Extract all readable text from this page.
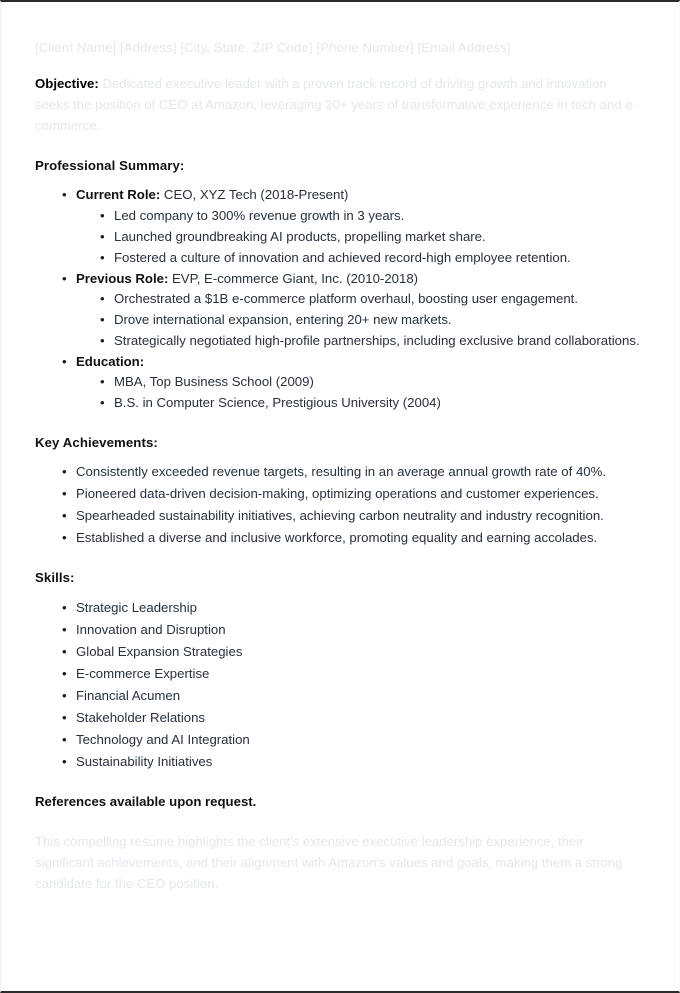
[Client Name] [Address] [City, State, ZIP Code] [Phone Number] [Email Address]

Objective: Dedicated executive leader with a proven track record of driving growth and innovation seeks the position of CEO at Amazon, leveraging 20+ years of transformative experience in tech and e-commerce.

Professional Summary:
• Current Role: CEO, XYZ Tech (2018-Present)
• Led company to 300% revenue growth in 3 years.
• Launched groundbreaking AI products, propelling market share.
• Fostered a culture of innovation and achieved record-high employee retention.
• Previous Role: EVP, E-commerce Giant, Inc. (2010-2018)
• Orchestrated a $1B e-commerce platform overhaul, boosting user engagement.
• Drove international expansion, entering 20+ new markets.
• Strategically negotiated high-profile partnerships, including exclusive brand collaborations.
• Education:
• MBA, Top Business School (2009)
• B.S. in Computer Science, Prestigious University (2004)
Key Achievements:
• Consistently exceeded revenue targets, resulting in an average annual growth rate of 40%.
• Pioneered data-driven decision-making, optimizing operations and customer experiences.
• Spearheaded sustainability initiatives, achieving carbon neutrality and industry recognition.
• Established a diverse and inclusive workforce, promoting equality and earning accolades.
Skills:
• Strategic Leadership
• Innovation and Disruption
• Global Expansion Strategies
• E-commerce Expertise
• Financial Acumen
• Stakeholder Relations
• Technology and AI Integration
• Sustainability Initiatives

References available upon request.

This compelling resume highlights the client's extensive executive leadership experience, their significant achievements, and their alignment with Amazon's values and goals, making them a strong candidate for the CEO position.
